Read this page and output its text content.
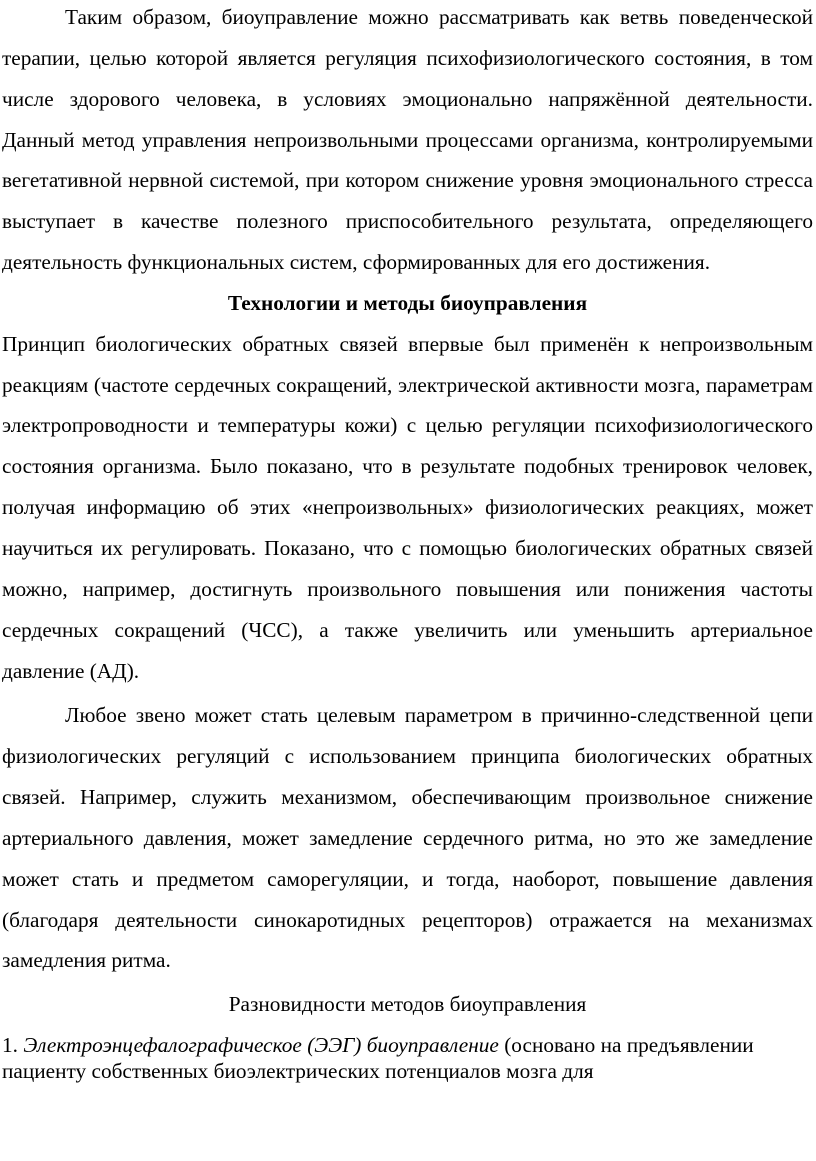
Таким образом, биоуправление можно рассматривать как ветвь поведенческой терапии, целью которой является регуляция психофизиологического состояния, в том числе здорового человека, в условиях эмоционально напряжённой деятельности. Данный метод управления непроизвольными процессами организма, контролируемыми вегетативной нервной системой, при котором снижение уровня эмоционального стресса выступает в качестве полезного приспособительного результата, определяющего деятельность функциональных систем, сформированных для его достижения.

Технологии и методы биоуправления

Принцип биологических обратных связей впервые был применён к непроизвольным реакциям (частоте сердечных сокращений, электрической активности мозга, параметрам электропроводности и температуры кожи) с целью регуляции психофизиологического состояния организма. Было показано, что в результате подобных тренировок человек, получая информацию об этих «непроизвольных» физиологических реакциях, может научиться их регулировать. Показано, что с помощью биологических обратных связей можно, например, достигнуть произвольного повышения или понижения частоты сердечных сокращений (ЧСС), а также увеличить или уменьшить артериальное давление (АД).

Любое звено может стать целевым параметром в причинно-следственной цепи физиологических регуляций с использованием принципа биологических обратных связей. Например, служить механизмом, обеспечивающим произвольное снижение артериального давления, может замедление сердечного ритма, но это же замедление может стать и предметом саморегуляции, и тогда, наоборот, повышение давления (благодаря деятельности синокаротидных рецепторов) отражается на механизмах замедления ритма.

Разновидности методов биоуправления

1. Электроэнцефалографическое (ЭЭГ) биоуправление (основано на предъявлении пациенту собственных биоэлектрических потенциалов мозга для
